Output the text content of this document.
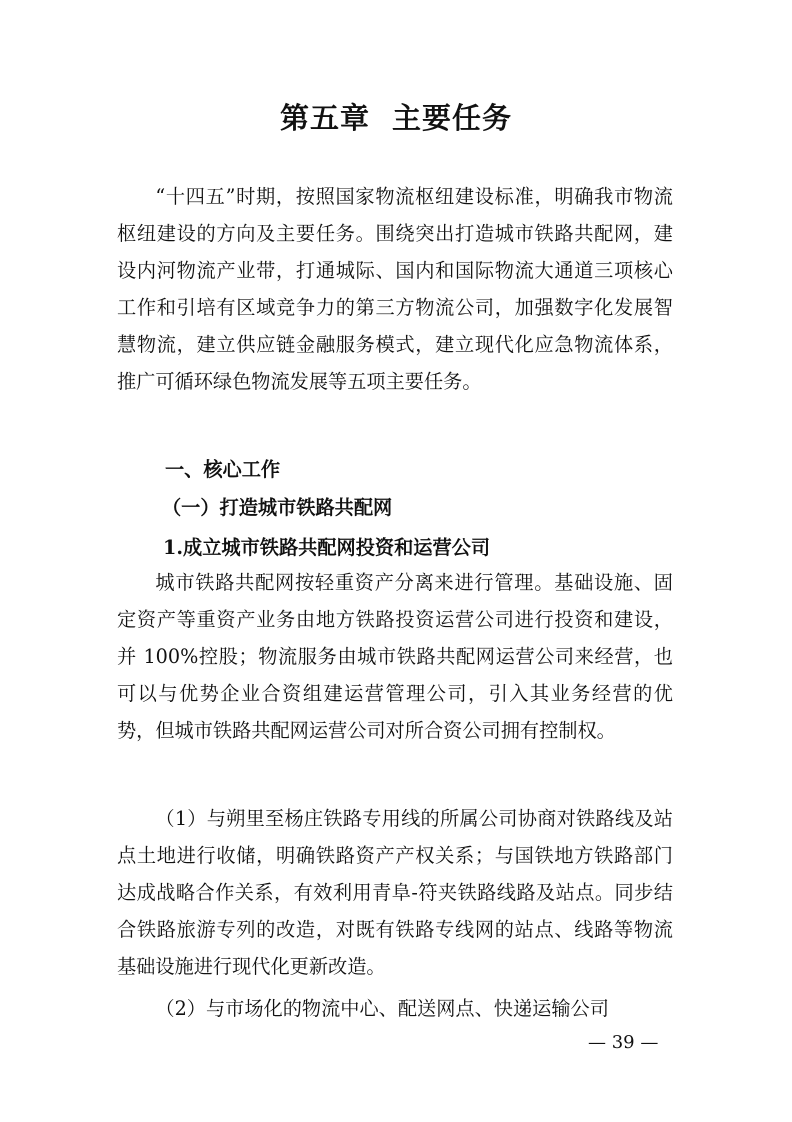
第五章 主要任务

“十四五”时期，按照国家物流枢纽建设标准，明确我市物流枢纽建设的方向及主要任务。围绕突出打造城市铁路共配网，建设内河物流产业带，打通城际、国内和国际物流大通道三项核心工作和引培有区域竞争力的第三方物流公司，加强数字化发展智慧物流，建立供应链金融服务模式，建立现代化应急物流体系，推广可循环绿色物流发展等五项主要任务。

一、核心工作

（一）打造城市铁路共配网

1.成立城市铁路共配网投资和运营公司

城市铁路共配网按轻重资产分离来进行管理。基础设施、固定资产等重资产业务由地方铁路投资运营公司进行投资和建设，并 100%控股；物流服务由城市铁路共配网运营公司来经营，也可以与优势企业合资组建运营管理公司，引入其业务经营的优势，但城市铁路共配网运营公司对所合资公司拥有控制权。

（1）与朔里至杨庄铁路专用线的所属公司协商对铁路线及站点土地进行收储，明确铁路资产产权关系；与国铁地方铁路部门达成战略合作关系，有效利用青阜-符夹铁路线路及站点。同步结合铁路旅游专列的改造，对既有铁路专线网的站点、线路等物流基础设施进行现代化更新改造。

（2）与市场化的物流中心、配送网点、快递运输公司

— 39 —
